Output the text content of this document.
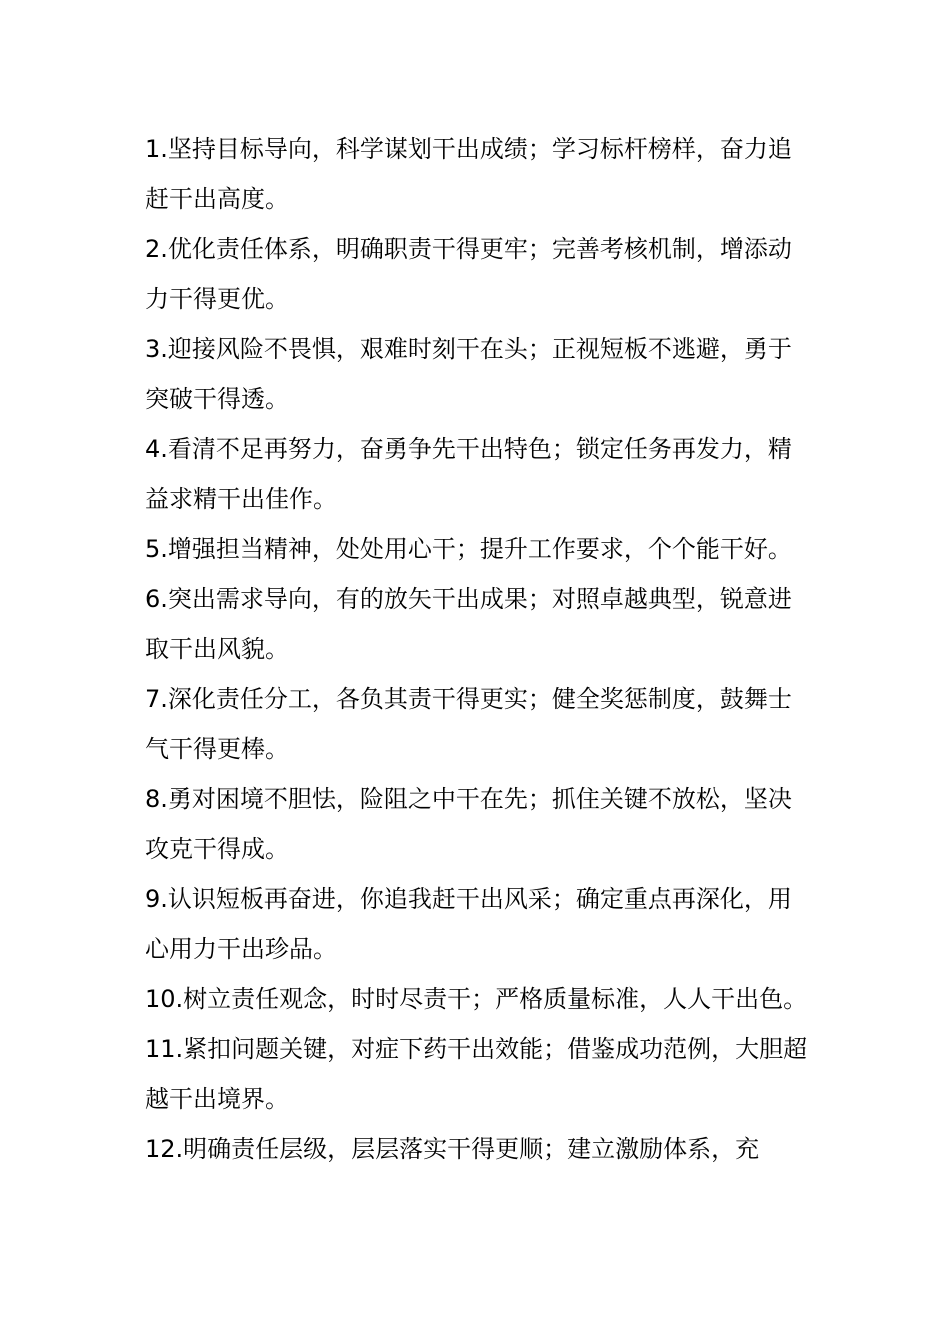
1.坚持目标导向，科学谋划干出成绩；学习标杆榜样，奋力追赶干出高度。

2.优化责任体系，明确职责干得更牢；完善考核机制，增添动力干得更优。

3.迎接风险不畏惧，艰难时刻干在头；正视短板不逃避，勇于突破干得透。

4.看清不足再努力，奋勇争先干出特色；锁定任务再发力，精益求精干出佳作。

5.增强担当精神，处处用心干；提升工作要求，个个能干好。

6.突出需求导向，有的放矢干出成果；对照卓越典型，锐意进取干出风貌。

7.深化责任分工，各负其责干得更实；健全奖惩制度，鼓舞士气干得更棒。

8.勇对困境不胆怯，险阻之中干在先；抓住关键不放松，坚决攻克干得成。

9.认识短板再奋进，你追我赶干出风采；确定重点再深化，用心用力干出珍品。

10.树立责任观念，时时尽责干；严格质量标准，人人干出色。

11.紧扣问题关键，对症下药干出效能；借鉴成功范例，大胆超越干出境界。

12.明确责任层级，层层落实干得更顺；建立激励体系，充
